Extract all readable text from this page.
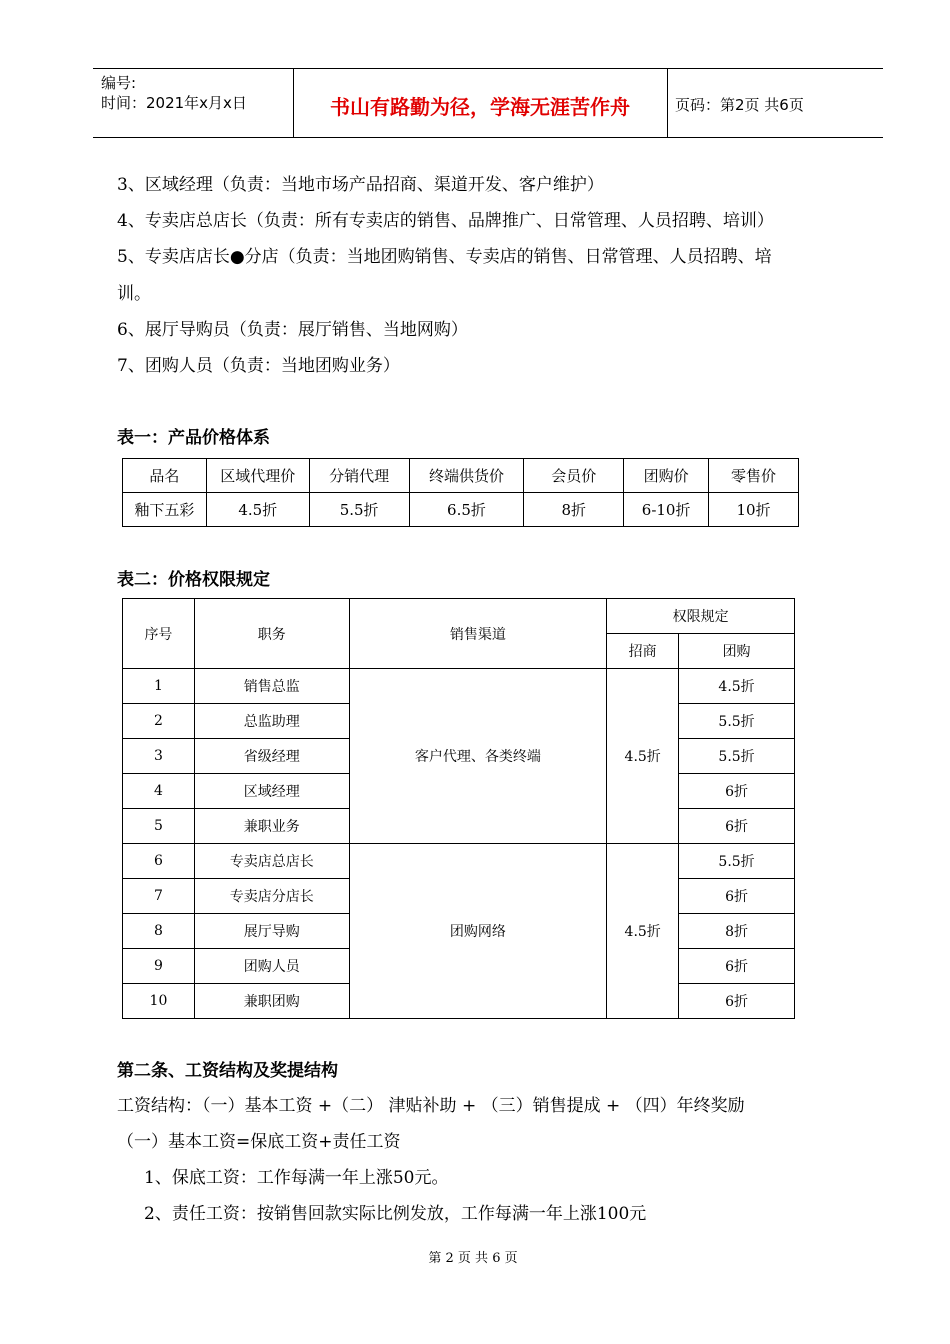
编号:
时间：2021年x月x日	书山有路勤为径，学海无涯苦作舟	页码：第2页 共6页
3、区域经理（负责：当地市场产品招商、渠道开发、客户维护）
4、专卖店总店长（负责：所有专卖店的销售、品牌推广、日常管理、人员招聘、培训）
5、专卖店店长●分店（负责：当地团购销售、专卖店的销售、日常管理、人员招聘、培
训。
6、展厅导购员（负责：展厅销售、当地网购）
7、团购人员（负责：当地团购业务）
表一：产品价格体系
品名	区域代理价	分销代理	终端供货价	会员价	团购价	零售价
釉下五彩	4.5折	5.5折	6.5折	8折	6-10折	10折
表二：价格权限规定
序号	职务	销售渠道	权限规定	
			招商	团购
1	销售总监	客户代理、各类终端	4.5折	4.5折
2	总监助理			5.5折
3	省级经理			5.5折
4	区域经理			6折
5	兼职业务			6折
6	专卖店总店长	团购网络	4.5折	5.5折
7	专卖店分店长			6折
8	展厅导购			8折
9	团购人员			6折
10	兼职团购			6折
第二条、工资结构及奖提结构
工资结构：（一）基本工资 +（二） 津贴补助 + （三）销售提成 + （四）年终奖励
（一）基本工资=保底工资+责任工资
1、保底工资：工作每满一年上涨50元。
2、责任工资：按销售回款实际比例发放，工作每满一年上涨100元
第 2 页 共 6 页
